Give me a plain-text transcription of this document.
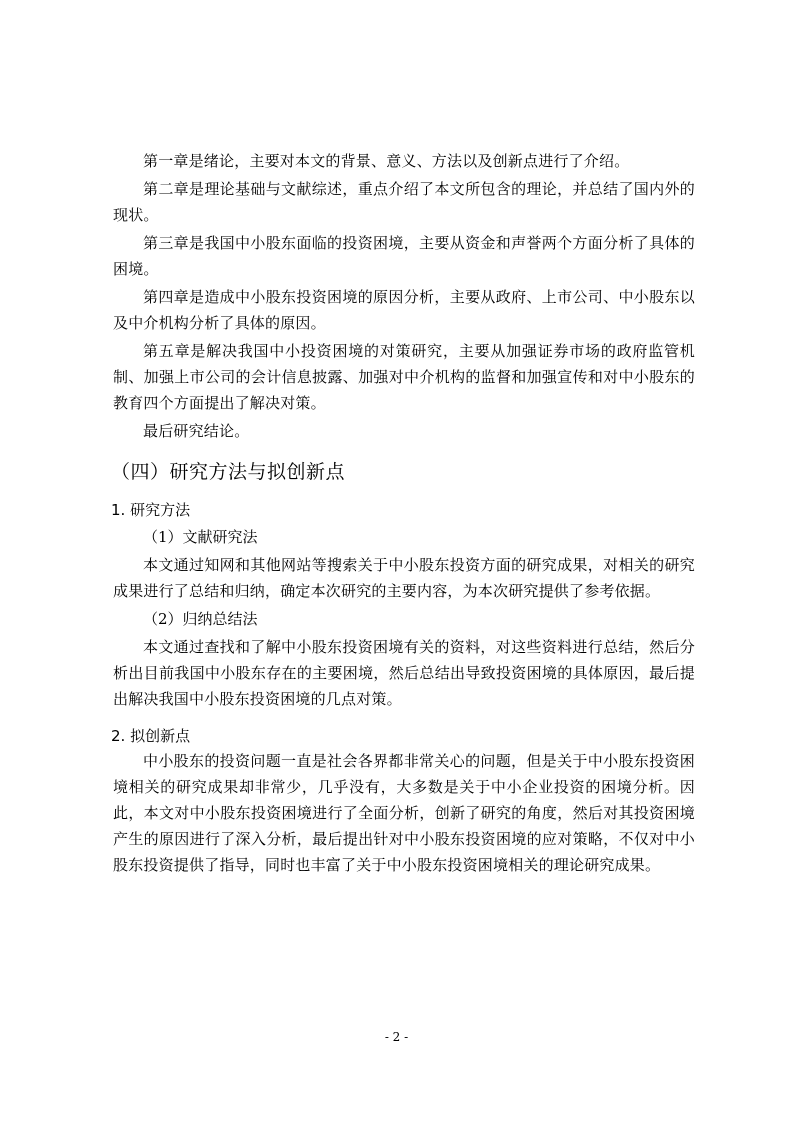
第一章是绪论，主要对本文的背景、意义、方法以及创新点进行了介绍。

第二章是理论基础与文献综述，重点介绍了本文所包含的理论，并总结了国内外的现状。

第三章是我国中小股东面临的投资困境，主要从资金和声誉两个方面分析了具体的困境。

第四章是造成中小股东投资困境的原因分析，主要从政府、上市公司、中小股东以及中介机构分析了具体的原因。

第五章是解决我国中小投资困境的对策研究，主要从加强证券市场的政府监管机制、加强上市公司的会计信息披露、加强对中介机构的监督和加强宣传和对中小股东的教育四个方面提出了解决对策。

最后研究结论。

（四）研究方法与拟创新点
1. 研究方法
（1）文献研究法

本文通过知网和其他网站等搜索关于中小股东投资方面的研究成果，对相关的研究成果进行了总结和归纳，确定本次研究的主要内容，为本次研究提供了参考依据。

（2）归纳总结法

本文通过查找和了解中小股东投资困境有关的资料，对这些资料进行总结，然后分析出目前我国中小股东存在的主要困境，然后总结出导致投资困境的具体原因，最后提出解决我国中小股东投资困境的几点对策。

2. 拟创新点

中小股东的投资问题一直是社会各界都非常关心的问题，但是关于中小股东投资困境相关的研究成果却非常少，几乎没有，大多数是关于中小企业投资的困境分析。因此，本文对中小股东投资困境进行了全面分析，创新了研究的角度，然后对其投资困境产生的原因进行了深入分析，最后提出针对中小股东投资困境的应对策略，不仅对中小股东投资提供了指导，同时也丰富了关于中小股东投资困境相关的理论研究成果。

- 2 -
